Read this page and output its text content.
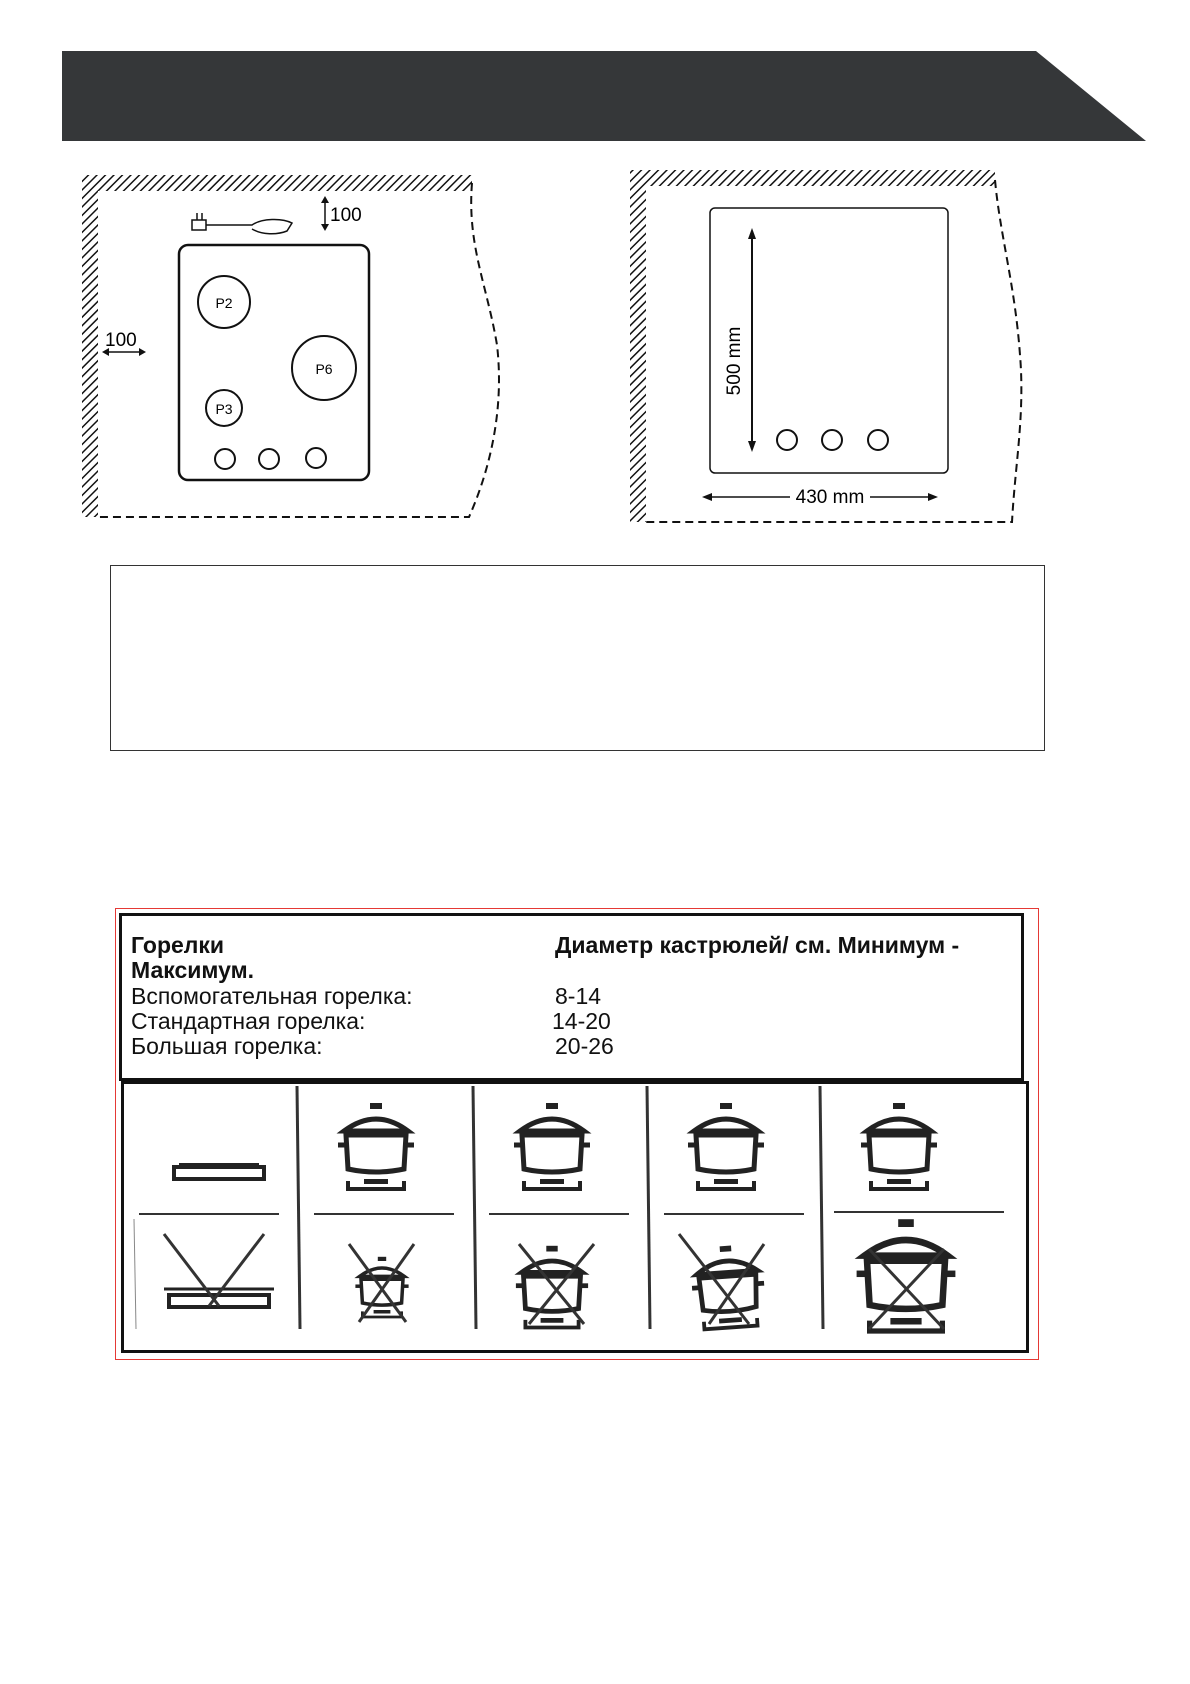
100
100
P2
P6
P3
500 mm
430 mm
Горелки	Диаметр кастрюлей/ см. Минимум -
Максимум.
Вспомогательная горелка:	8-14
Стандартная горелка:	14-20
Большая горелка:	20-26
